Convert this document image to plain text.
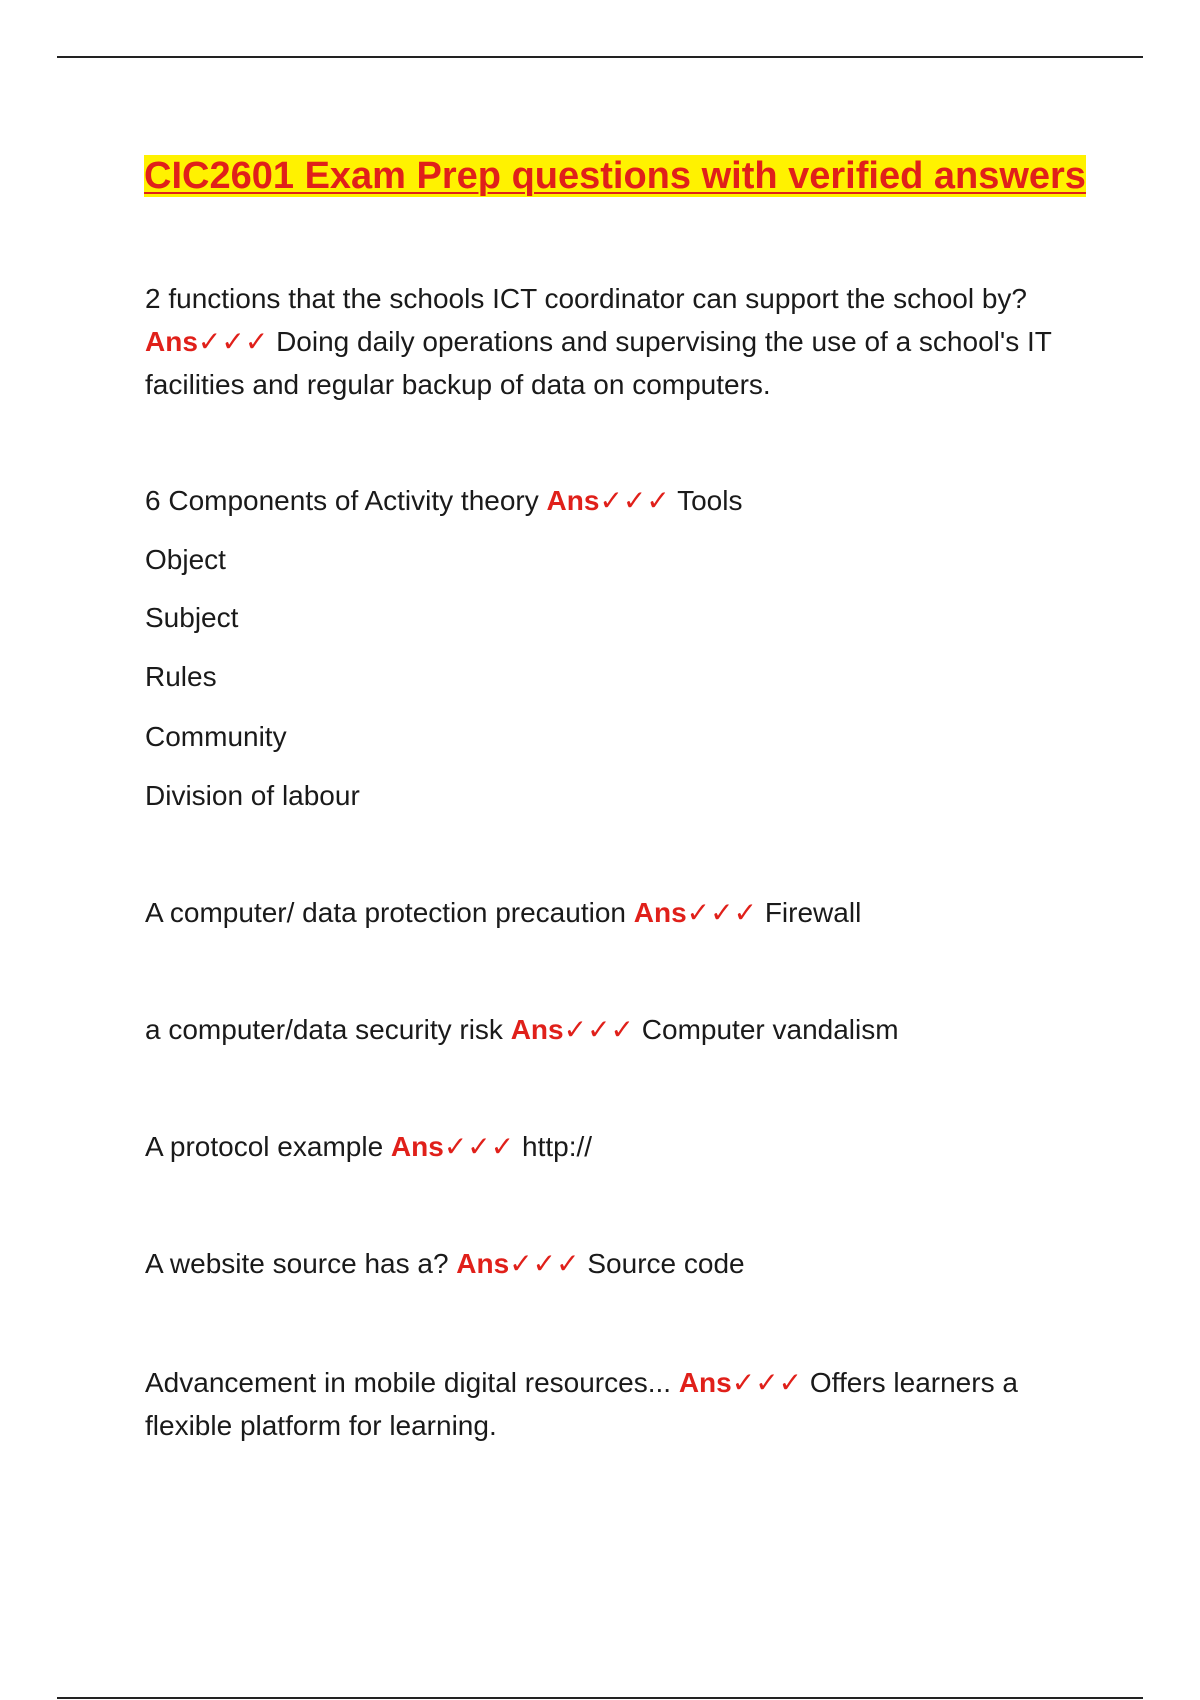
CIC2601 Exam Prep questions with verified answers

2 functions that the schools ICT coordinator can support the school by?
Ans✓✓✓ Doing daily operations and supervising the use of a school's IT facilities and regular backup of data on computers.

6 Components of Activity theory Ans✓✓✓ Tools

Object

Subject

Rules

Community

Division of labour

A computer/ data protection precaution Ans✓✓✓ Firewall

a computer/data security risk Ans✓✓✓ Computer vandalism

A protocol example Ans✓✓✓ http://

A website source has a? Ans✓✓✓ Source code

Advancement in mobile digital resources... Ans✓✓✓ Offers learners a flexible platform for learning.
